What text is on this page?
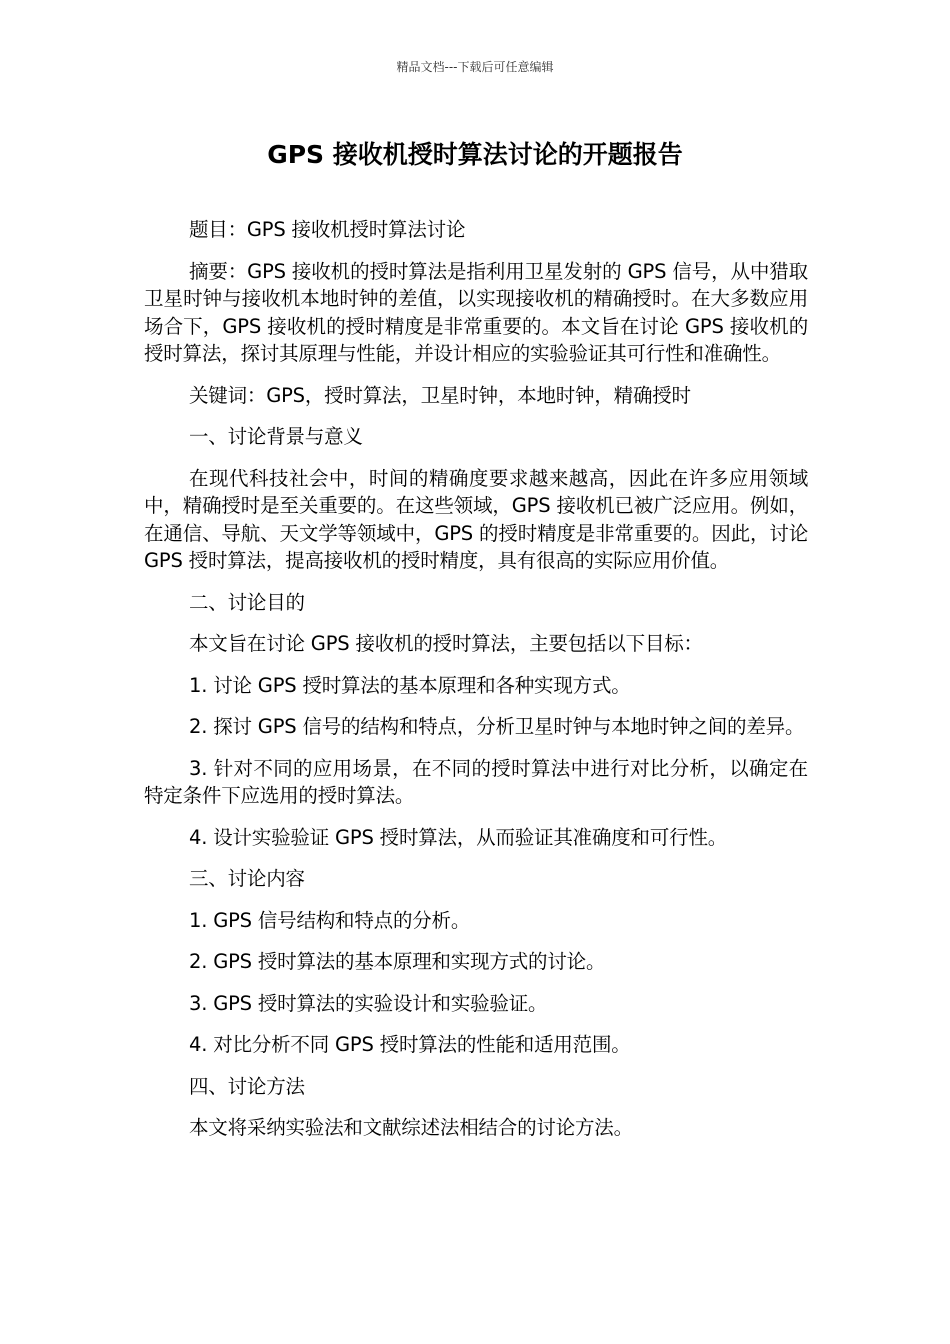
精品文档---下载后可任意编辑
GPS 接收机授时算法讨论的开题报告

题目：GPS 接收机授时算法讨论

摘要：GPS 接收机的授时算法是指利用卫星发射的 GPS 信号，从中猎取卫星时钟与接收机本地时钟的差值，以实现接收机的精确授时。在大多数应用场合下，GPS 接收机的授时精度是非常重要的。本文旨在讨论 GPS 接收机的授时算法，探讨其原理与性能，并设计相应的实验验证其可行性和准确性。

关键词：GPS，授时算法，卫星时钟，本地时钟，精确授时

一、讨论背景与意义

在现代科技社会中，时间的精确度要求越来越高，因此在许多应用领域中，精确授时是至关重要的。在这些领域，GPS 接收机已被广泛应用。例如，在通信、导航、天文学等领域中，GPS 的授时精度是非常重要的。因此，讨论 GPS 授时算法，提高接收机的授时精度，具有很高的实际应用价值。

二、讨论目的

本文旨在讨论 GPS 接收机的授时算法，主要包括以下目标：

1. 讨论 GPS 授时算法的基本原理和各种实现方式。

2. 探讨 GPS 信号的结构和特点，分析卫星时钟与本地时钟之间的差异。

3. 针对不同的应用场景，在不同的授时算法中进行对比分析，以确定在特定条件下应选用的授时算法。

4. 设计实验验证 GPS 授时算法，从而验证其准确度和可行性。

三、讨论内容

1. GPS 信号结构和特点的分析。

2. GPS 授时算法的基本原理和实现方式的讨论。

3. GPS 授时算法的实验设计和实验验证。

4. 对比分析不同 GPS 授时算法的性能和适用范围。

四、讨论方法

本文将采纳实验法和文献综述法相结合的讨论方法。
